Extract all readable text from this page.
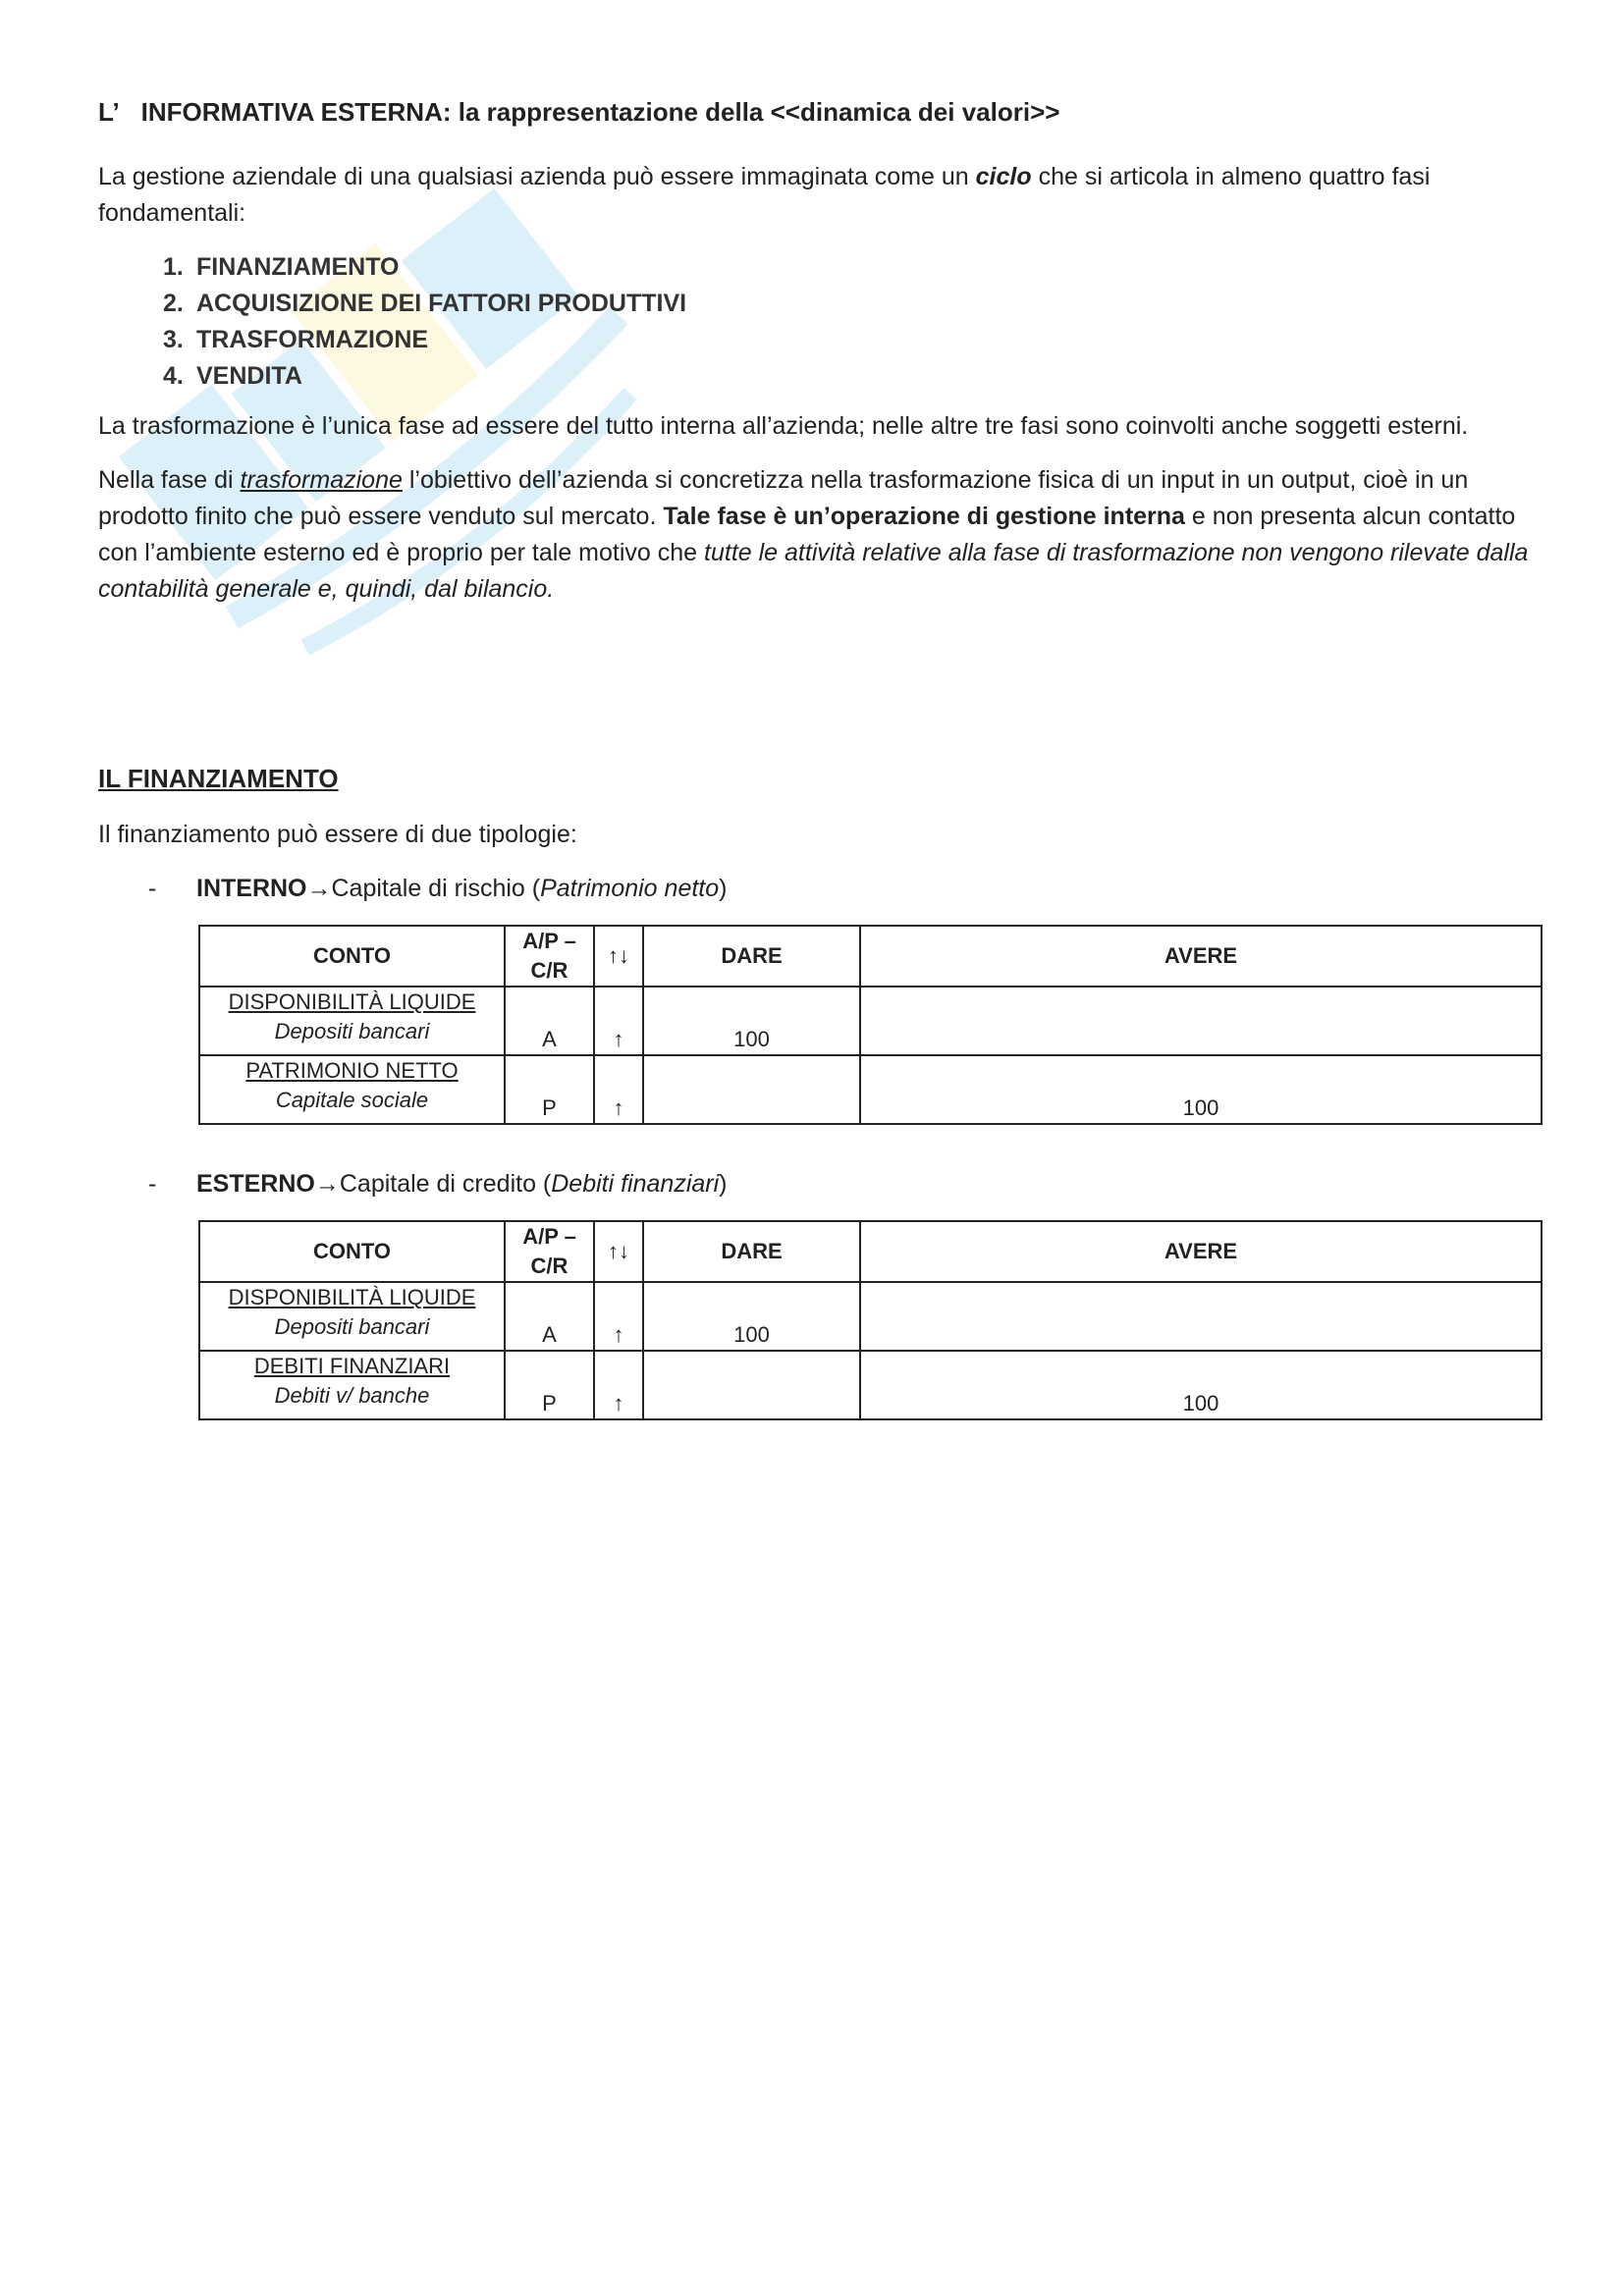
L’ INFORMATIVA ESTERNA: la rappresentazione della <<dinamica dei valori>>

La gestione aziendale di una qualsiasi azienda può essere immaginata come un ciclo che si articola in almeno quattro fasi fondamentali:

1. FINANZIAMENTO
2. ACQUISIZIONE DEI FATTORI PRODUTTIVI
3. TRASFORMAZIONE
4. VENDITA

La trasformazione è l’unica fase ad essere del tutto interna all’azienda; nelle altre tre fasi sono coinvolti anche soggetti esterni.

Nella fase di trasformazione l’obiettivo dell’azienda si concretizza nella trasformazione fisica di un input in un output, cioè in un prodotto finito che può essere venduto sul mercato. Tale fase è un’operazione di gestione interna e non presenta alcun contatto con l’ambiente esterno ed è proprio per tale motivo che tutte le attività relative alla fase di trasformazione non vengono rilevate dalla contabilità generale e, quindi, dal bilancio.

IL FINANZIAMENTO

Il finanziamento può essere di due tipologie:

-	INTERNO→Capitale di rischio (Patrimonio netto)
CONTO	A/P – C/R	↑↓	DARE	AVERE

DISPONIBILITÀ LIQUIDE
Depositi bancari	A	↑	100	

PATRIMONIO NETTO
Capitale sociale	P	↑		100
-	ESTERNO→Capitale di credito (Debiti finanziari)
CONTO	A/P – C/R	↑↓	DARE	AVERE

DISPONIBILITÀ LIQUIDE
Depositi bancari	A	↑	100	

DEBITI FINANZIARI
Debiti v/ banche	P	↑		100
